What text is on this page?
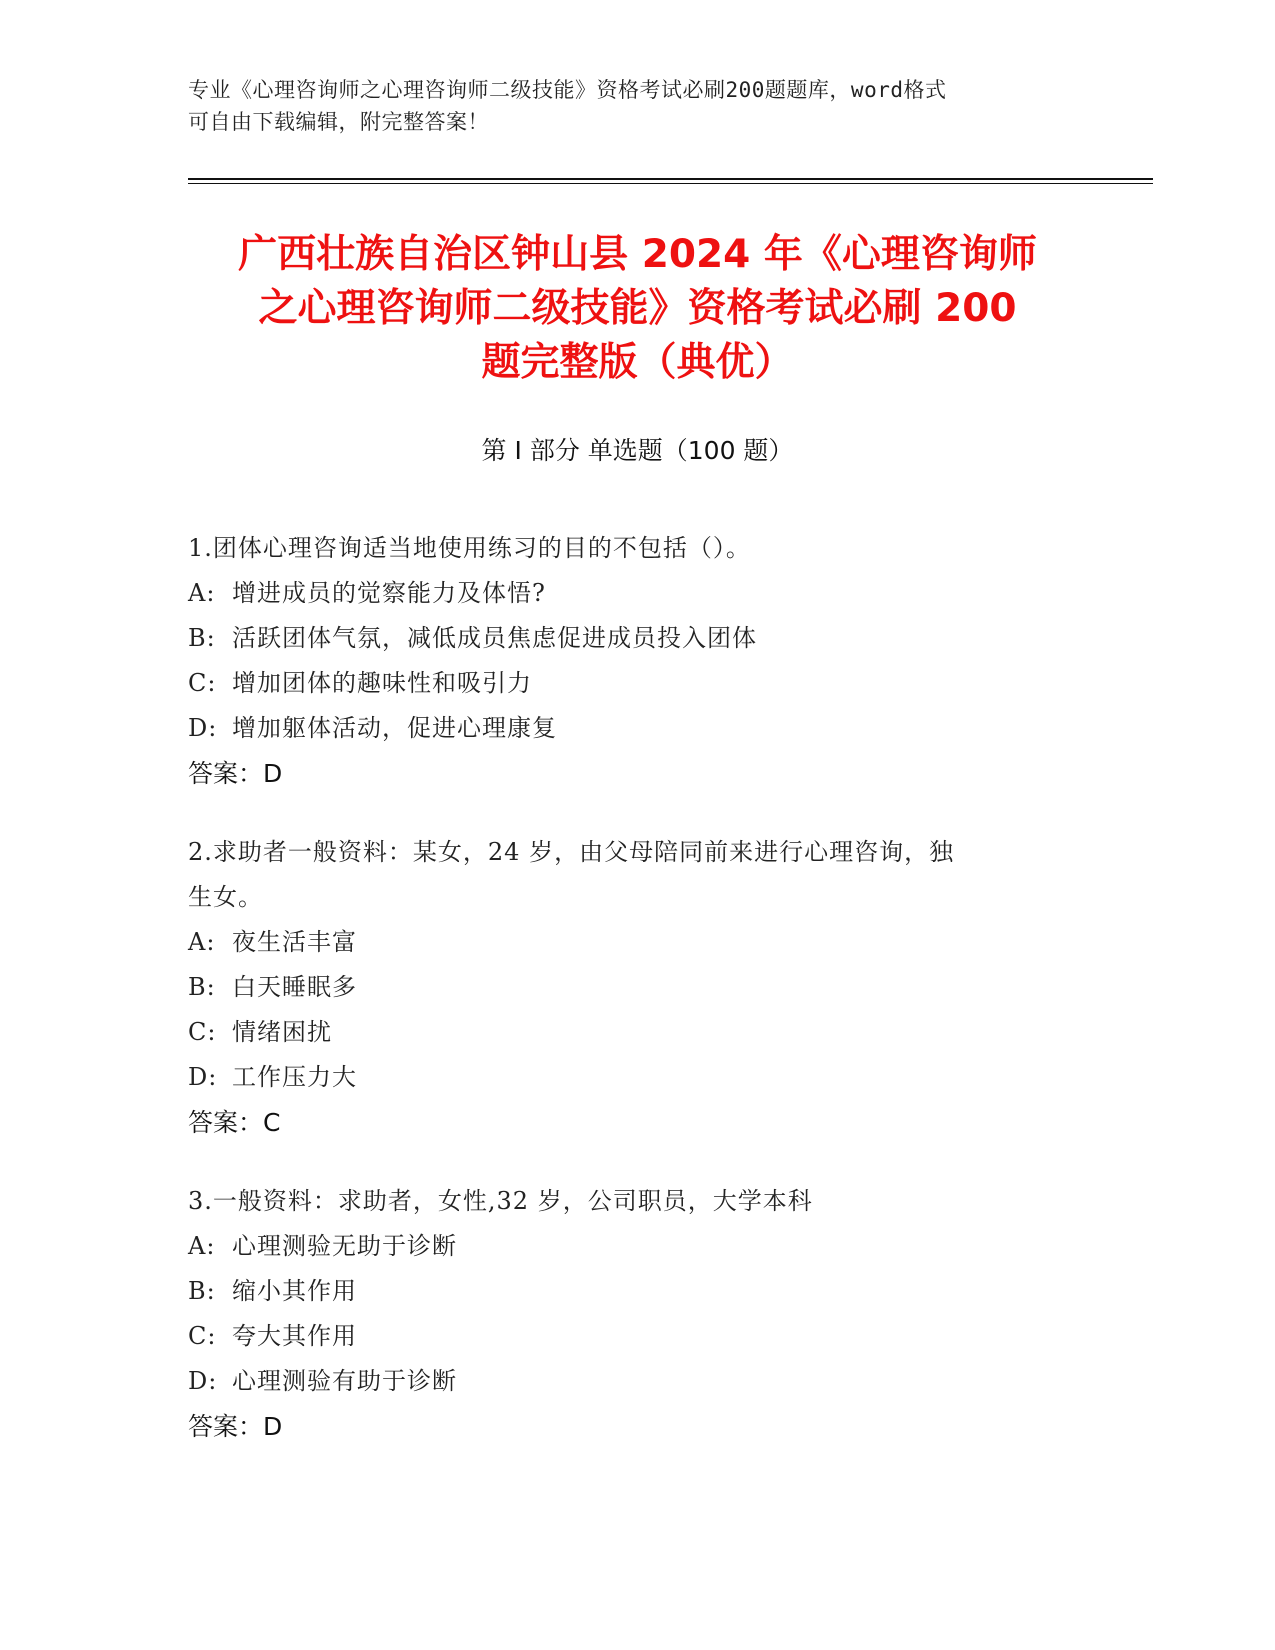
专业《心理咨询师之心理咨询师二级技能》资格考试必刷200题题库，word格式
可自由下载编辑，附完整答案！
广西壮族自治区钟山县 2024 年《心理咨询师
之心理咨询师二级技能》资格考试必刷 200
题完整版（典优）
第 I 部分 单选题（100 题）
1.团体心理咨询适当地使用练习的目的不包括（）。
A: 增进成员的觉察能力及体悟?
B: 活跃团体气氛，减低成员焦虑促进成员投入团体
C: 增加团体的趣味性和吸引力
D: 增加躯体活动，促进心理康复
答案：D
2.求助者一般资料：某女，24 岁，由父母陪同前来进行心理咨询，独
生女。
A: 夜生活丰富
B: 白天睡眠多
C: 情绪困扰
D: 工作压力大
答案：C
3.一般资料：求助者，女性,32 岁，公司职员，大学本科
A: 心理测验无助于诊断
B: 缩小其作用
C: 夸大其作用
D: 心理测验有助于诊断
答案：D
